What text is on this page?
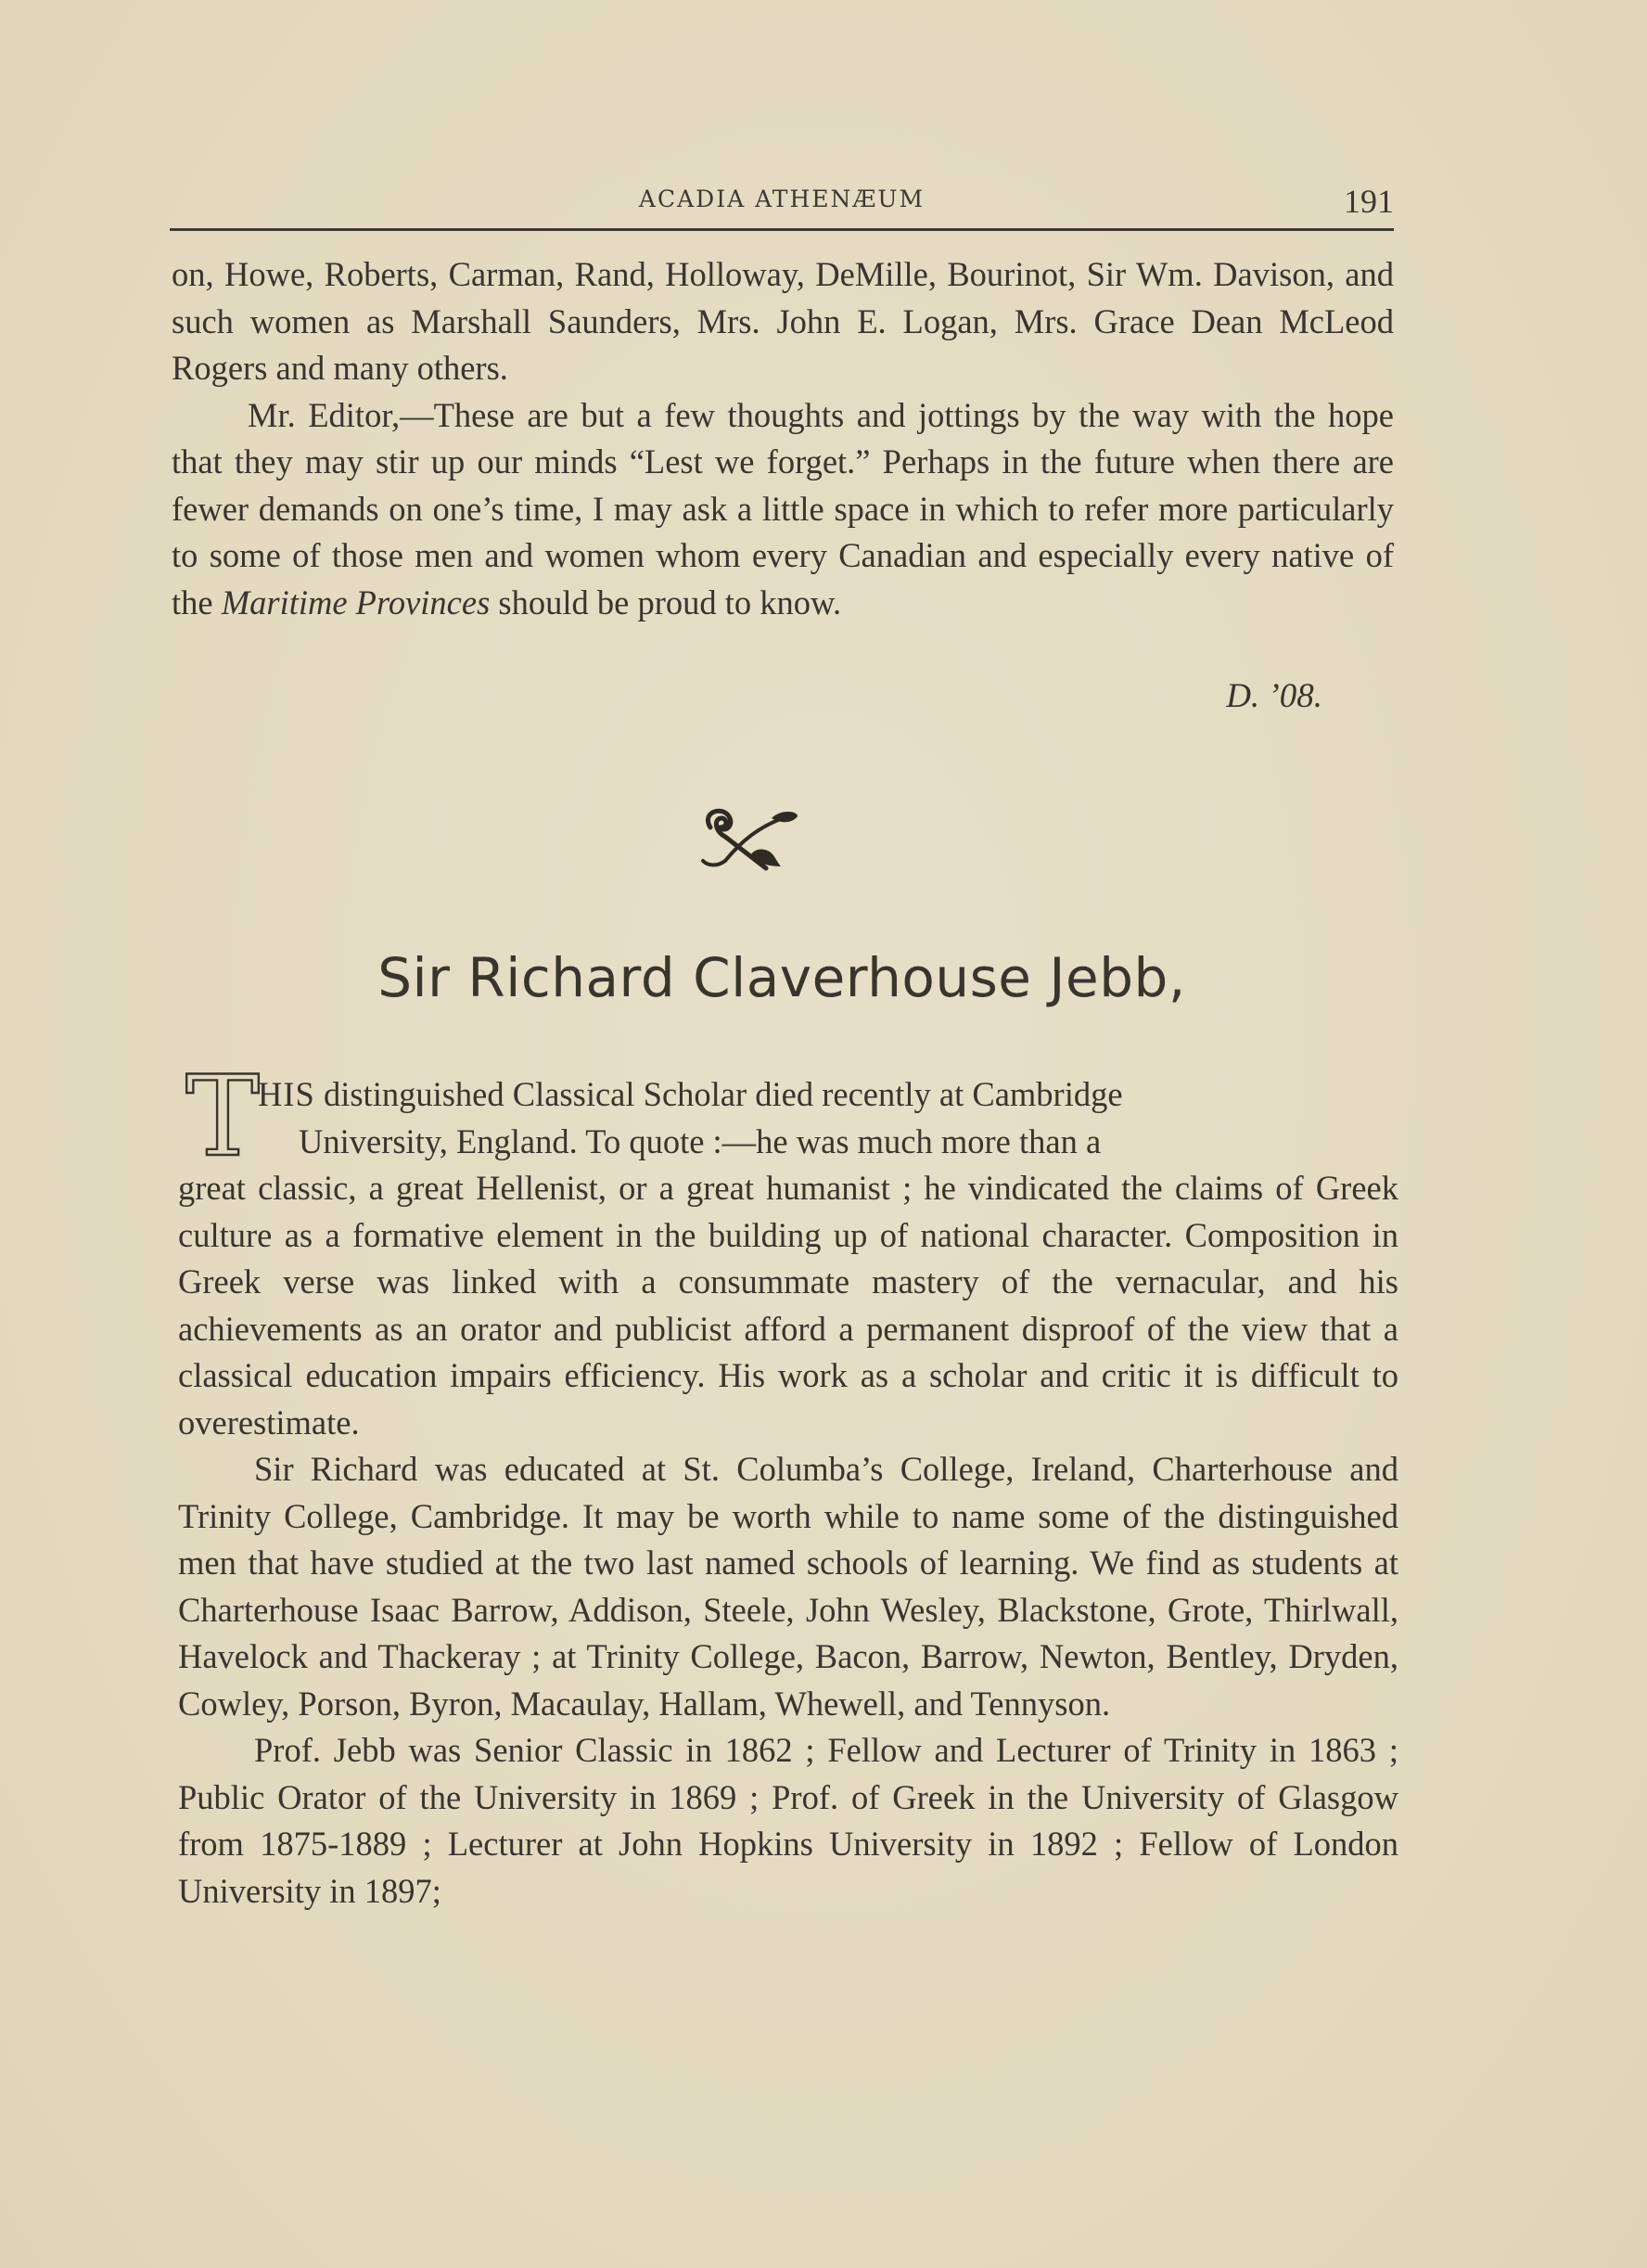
ACADIA ATHENÆUM	191

on, Howe, Roberts, Carman, Rand, Holloway, DeMille, Bourinot, Sir Wm. Davison, and such women as Marshall Saunders, Mrs. John E. Logan, Mrs. Grace Dean McLeod Rogers and many others.

Mr. Editor,—These are but a few thoughts and jottings by the way with the hope that they may stir up our minds “Lest we forget.” Perhaps in the future when there are fewer demands on one’s time, I may ask a little space in which to refer more particularly to some of those men and women whom every Canadian and especially every native of the Maritime Provinces should be proud to know.

D. ’08.
Sir Richard Claverhouse Jebb,
T
HIS distinguished Classical Scholar died recently at Cambridge
University, England. To quote :—he was much more than a

great classic, a great Hellenist, or a great humanist ; he vindicated the claims of Greek culture as a formative element in the building up of national character. Composition in Greek verse was linked with a consummate mastery of the vernacular, and his achievements as an orator and publicist afford a permanent disproof of the view that a classical education impairs efficiency. His work as a scholar and critic it is difficult to overestimate.

Sir Richard was educated at St. Columba’s College, Ireland, Charterhouse and Trinity College, Cambridge. It may be worth while to name some of the distinguished men that have studied at the two last named schools of learning. We find as students at Charterhouse Isaac Barrow, Addison, Steele, John Wesley, Blackstone, Grote, Thirlwall, Havelock and Thackeray ; at Trinity College, Bacon, Barrow, Newton, Bentley, Dryden, Cowley, Porson, Byron, Macaulay, Hallam, Whewell, and Tennyson.

Prof. Jebb was Senior Classic in 1862 ; Fellow and Lecturer of Trinity in 1863 ; Public Orator of the University in 1869 ; Prof. of Greek in the University of Glasgow from 1875-1889 ; Lecturer at John Hopkins University in 1892 ; Fellow of London University in 1897;
